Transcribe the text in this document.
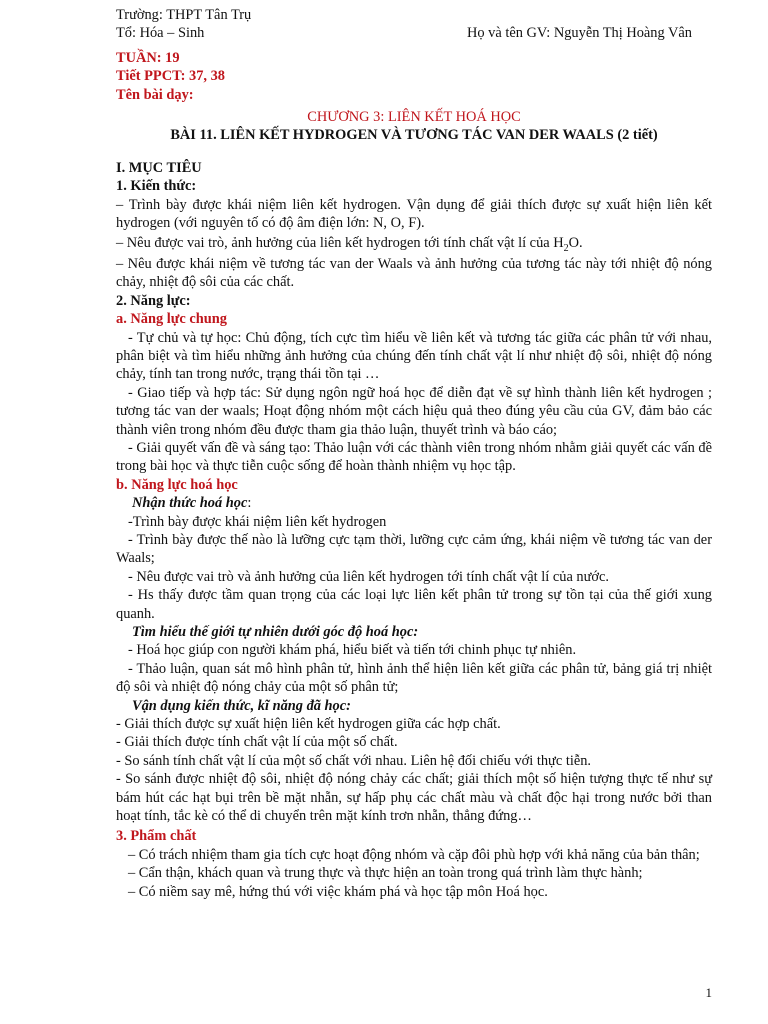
Trường: THPT Tân Trụ
Tổ: Hóa – Sinh	Họ và tên GV: Nguyễn Thị Hoàng Vân
TUẦN: 19
Tiết PPCT: 37, 38
Tên bài dạy:
CHƯƠNG 3: LIÊN KẾT HOÁ HỌC
BÀI 11. LIÊN KẾT HYDROGEN VÀ TƯƠNG TÁC VAN DER WAALS (2 tiết)
I. MỤC TIÊU
1. Kiến thức:

– Trình bày được khái niệm liên kết hydrogen. Vận dụng để giải thích được sự xuất hiện liên kết hydrogen (với nguyên tố có độ âm điện lớn: N, O, F).

– Nêu được vai trò, ảnh hưởng của liên kết hydrogen tới tính chất vật lí của $H_2O$.

– Nêu được khái niệm về tương tác van der Waals và ảnh hưởng của tương tác này tới nhiệt độ nóng chảy, nhiệt độ sôi của các chất.

2. Năng lực:
a. Năng lực chung

- Tự chủ và tự học: Chủ động, tích cực tìm hiểu về liên kết và tương tác giữa các phân tử với nhau, phân biệt và tìm hiểu những ảnh hưởng của chúng đến tính chất vật lí như nhiệt độ sôi, nhiệt độ nóng chảy, tính tan trong nước, trạng thái tồn tại …

- Giao tiếp và hợp tác: Sử dụng ngôn ngữ hoá học để diễn đạt về sự hình thành liên kết hydrogen ; tương tác van der waals; Hoạt động nhóm một cách hiệu quả theo đúng yêu cầu của GV, đảm bảo các thành viên trong nhóm đều được tham gia thảo luận, thuyết trình và báo cáo;

- Giải quyết vấn đề và sáng tạo: Thảo luận với các thành viên trong nhóm nhằm giải quyết các vấn đề trong bài học và thực tiễn cuộc sống để hoàn thành nhiệm vụ học tập.

b. Năng lực hoá học
Nhận thức hoá học:

-Trình bày được khái niệm liên kết hydrogen

- Trình bày được thế nào là lưỡng cực tạm thời, lưỡng cực cảm ứng, khái niệm về tương tác van der Waals;

- Nêu được vai trò và ảnh hưởng của liên kết hydrogen tới tính chất vật lí của nước.

- Hs thấy được tầm quan trọng của các loại lực liên kết phân tử trong sự tồn tại của thế giới xung quanh.

Tìm hiểu thế giới tự nhiên dưới góc độ hoá học:

- Hoá học giúp con người khám phá, hiểu biết và tiến tới chinh phục tự nhiên.

- Thảo luận, quan sát mô hình phân tử, hình ảnh thể hiện liên kết giữa các phân tử, bảng giá trị nhiệt độ sôi và nhiệt độ nóng chảy của một số phân tử;

Vận dụng kiến thức, kĩ năng đã học:

- Giải thích được sự xuất hiện liên kết hydrogen giữa các hợp chất.

- Giải thích được tính chất vật lí của một số chất.

- So sánh tính chất vật lí của một số chất với nhau. Liên hệ đối chiếu với thực tiễn.

- So sánh được nhiệt độ sôi, nhiệt độ nóng chảy các chất; giải thích một số hiện tượng thực tế như sự bám hút các hạt bụi trên bề mặt nhẵn, sự hấp phụ các chất màu và chất độc hại trong nước bởi than hoạt tính, tắc kè có thể di chuyển trên mặt kính trơn nhẵn, thẳng đứng…

3. Phẩm chất

– Có trách nhiệm tham gia tích cực hoạt động nhóm và cặp đôi phù hợp với khả năng của bản thân;

– Cẩn thận, khách quan và trung thực và thực hiện an toàn trong quá trình làm thực hành;

– Có niềm say mê, hứng thú với việc khám phá và học tập môn Hoá học.

1
